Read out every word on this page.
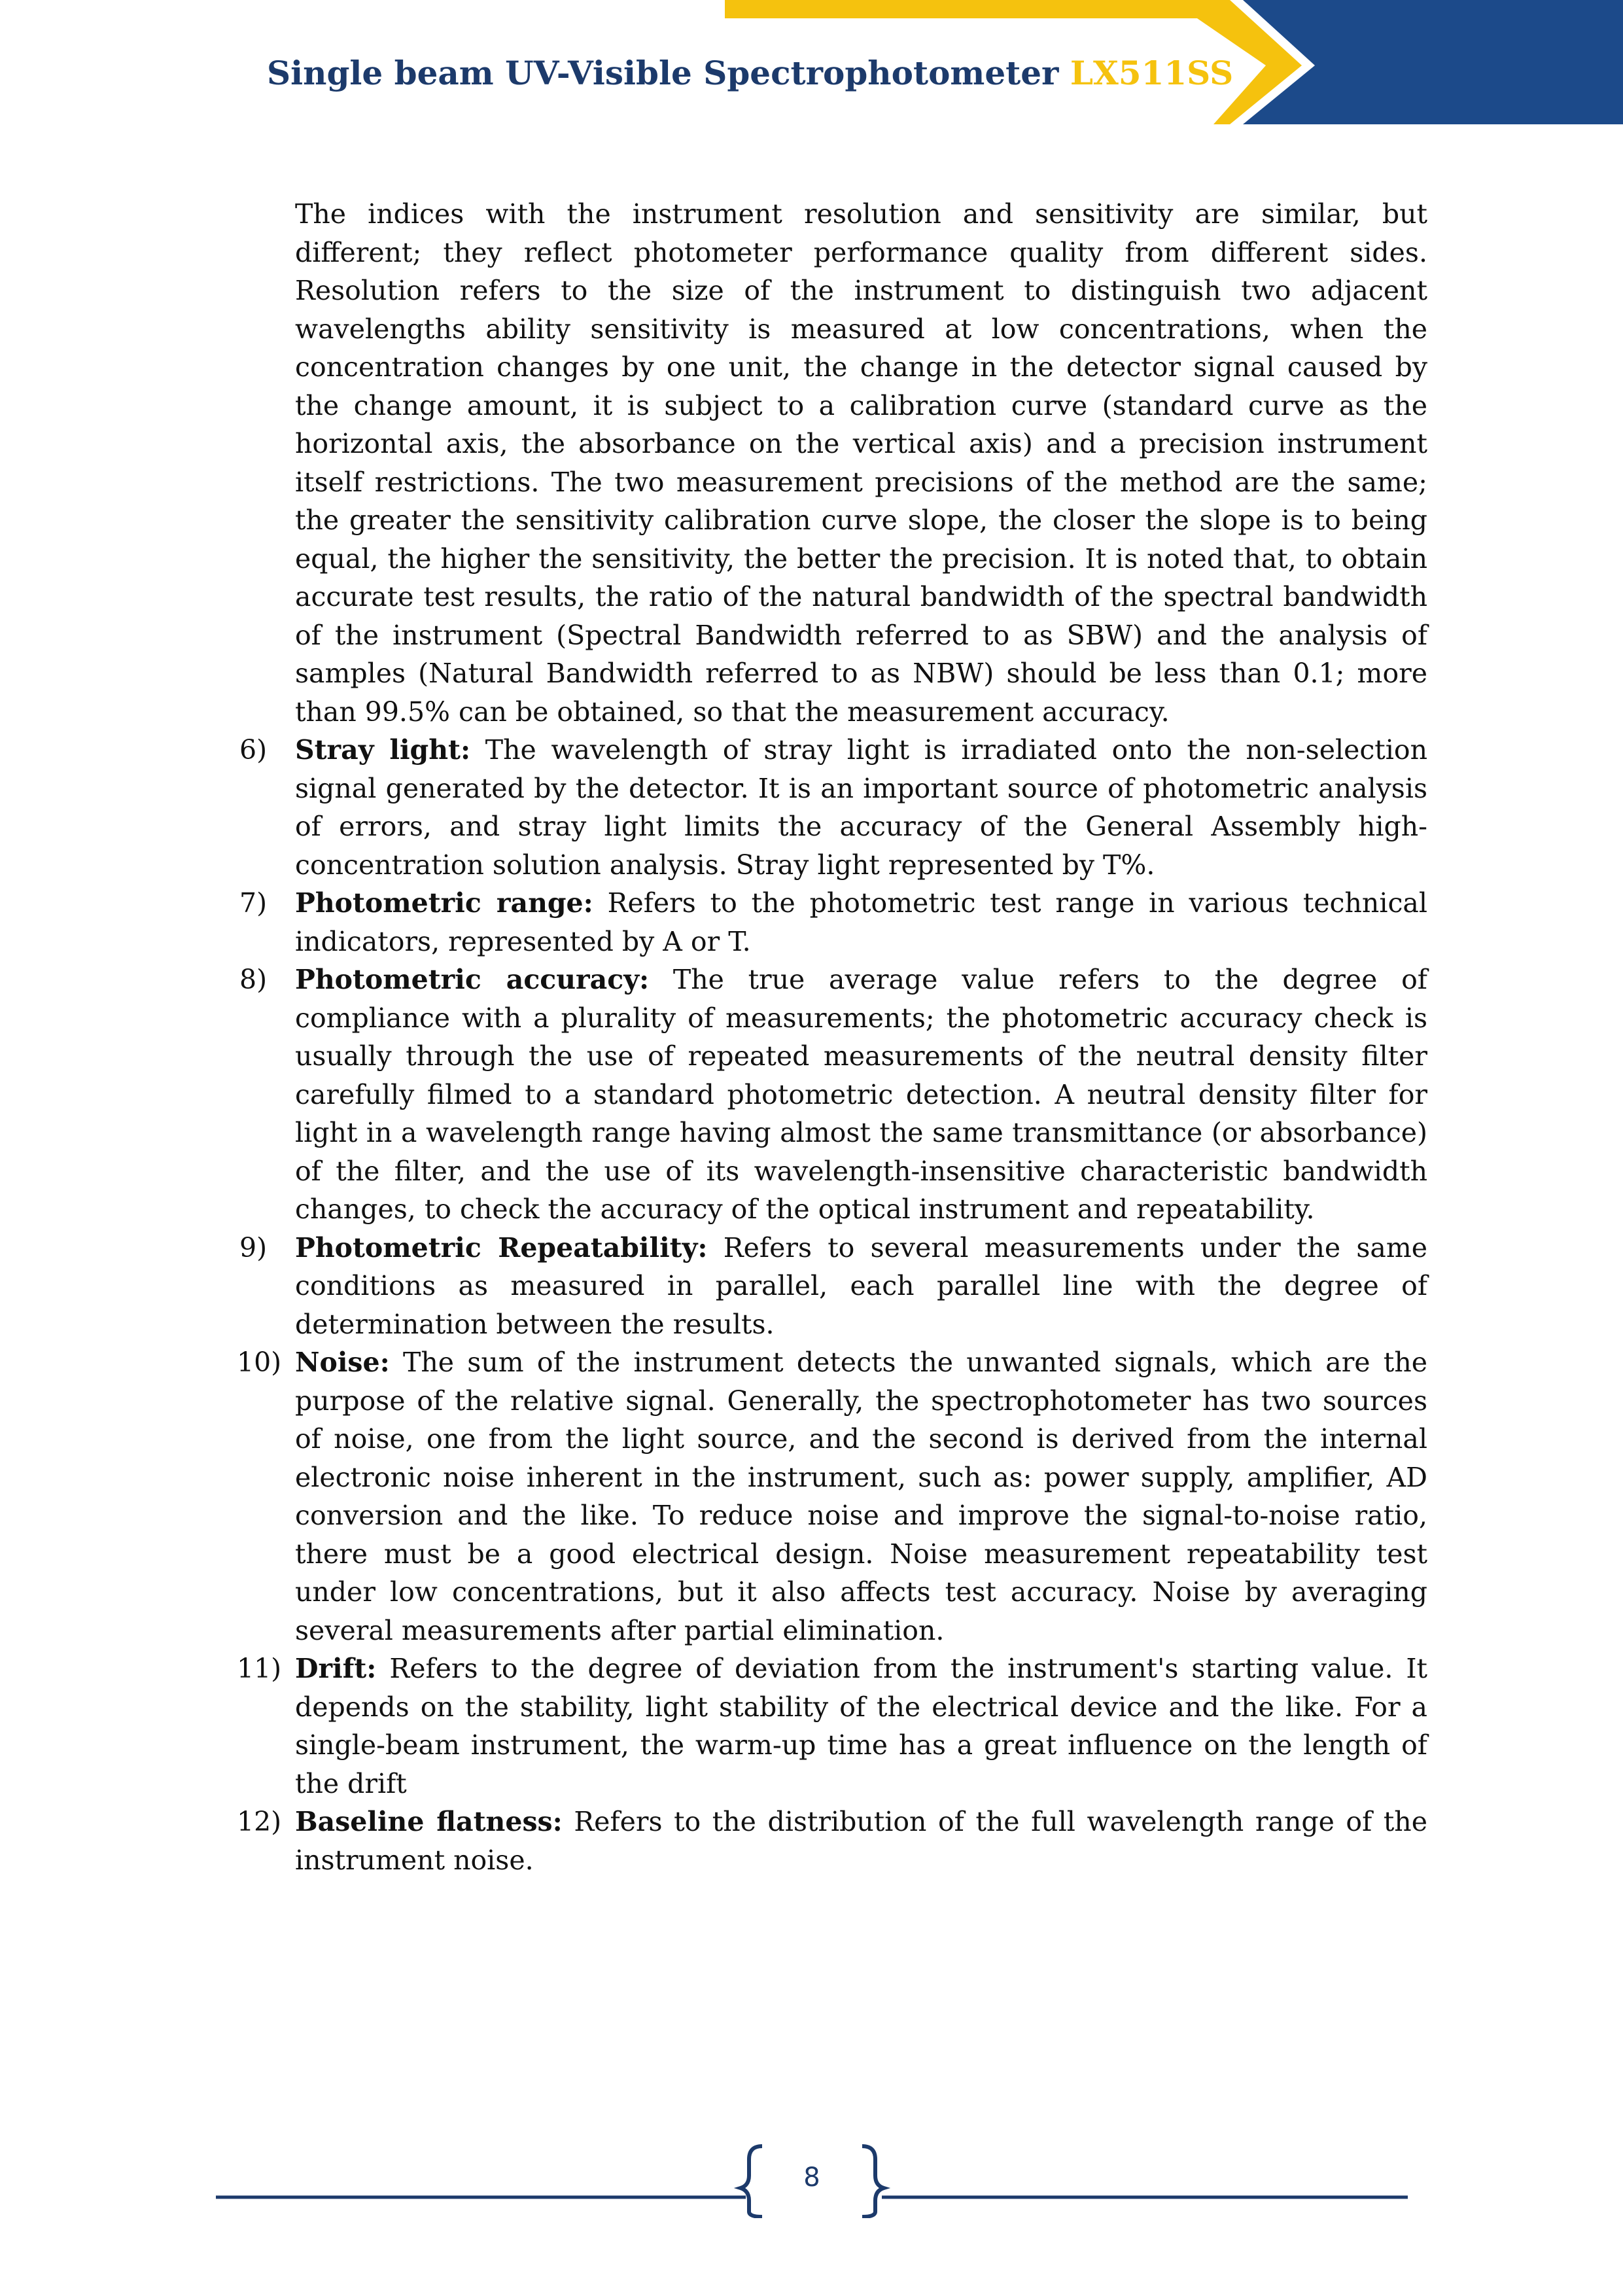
Single beam UV-Visible Spectrophotometer LX511SS

The indices with the instrument resolution and sensitivity are similar, but different; they reflect photometer performance quality from different sides. Resolution refers to the size of the instrument to distinguish two adjacent wavelengths ability sensitivity is measured at low concentrations, when the concentration changes by one unit, the change in the detector signal caused by the change amount, it is subject to a calibration curve (standard curve as the horizontal axis, the absorbance on the vertical axis) and a precision instrument itself restrictions. The two measurement precisions of the method are the same; the greater the sensitivity calibration curve slope, the closer the slope is to being equal, the higher the sensitivity, the better the precision. It is noted that, to obtain accurate test results, the ratio of the natural bandwidth of the spectral bandwidth of the instrument (Spectral Bandwidth referred to as SBW) and the analysis of samples (Natural Bandwidth referred to as NBW) should be less than 0.1; more than 99.5% can be obtained, so that the measurement accuracy.

6) Stray light: The wavelength of stray light is irradiated onto the non-selection signal generated by the detector. It is an important source of photometric analysis of errors, and stray light limits the accuracy of the General Assembly high-concentration solution analysis. Stray light represented by T%.
7) Photometric range: Refers to the photometric test range in various technical indicators, represented by A or T.
8) Photometric accuracy: The true average value refers to the degree of compliance with a plurality of measurements; the photometric accuracy check is usually through the use of repeated measurements of the neutral density filter carefully filmed to a standard photometric detection. A neutral density filter for light in a wavelength range having almost the same transmittance (or absorbance) of the filter, and the use of its wavelength-insensitive characteristic bandwidth changes, to check the accuracy of the optical instrument and repeatability.
9) Photometric Repeatability: Refers to several measurements under the same conditions as measured in parallel, each parallel line with the degree of determination between the results.
10) Noise: The sum of the instrument detects the unwanted signals, which are the purpose of the relative signal. Generally, the spectrophotometer has two sources of noise, one from the light source, and the second is derived from the internal electronic noise inherent in the instrument, such as: power supply, amplifier, AD conversion and the like. To reduce noise and improve the signal-to-noise ratio, there must be a good electrical design. Noise measurement repeatability test under low concentrations, but it also affects test accuracy. Noise by averaging several measurements after partial elimination.
11) Drift: Refers to the degree of deviation from the instrument's starting value. It depends on the stability, light stability of the electrical device and the like. For a single-beam instrument, the warm-up time has a great influence on the length of the drift
12) Baseline flatness: Refers to the distribution of the full wavelength range of the instrument noise.
8
